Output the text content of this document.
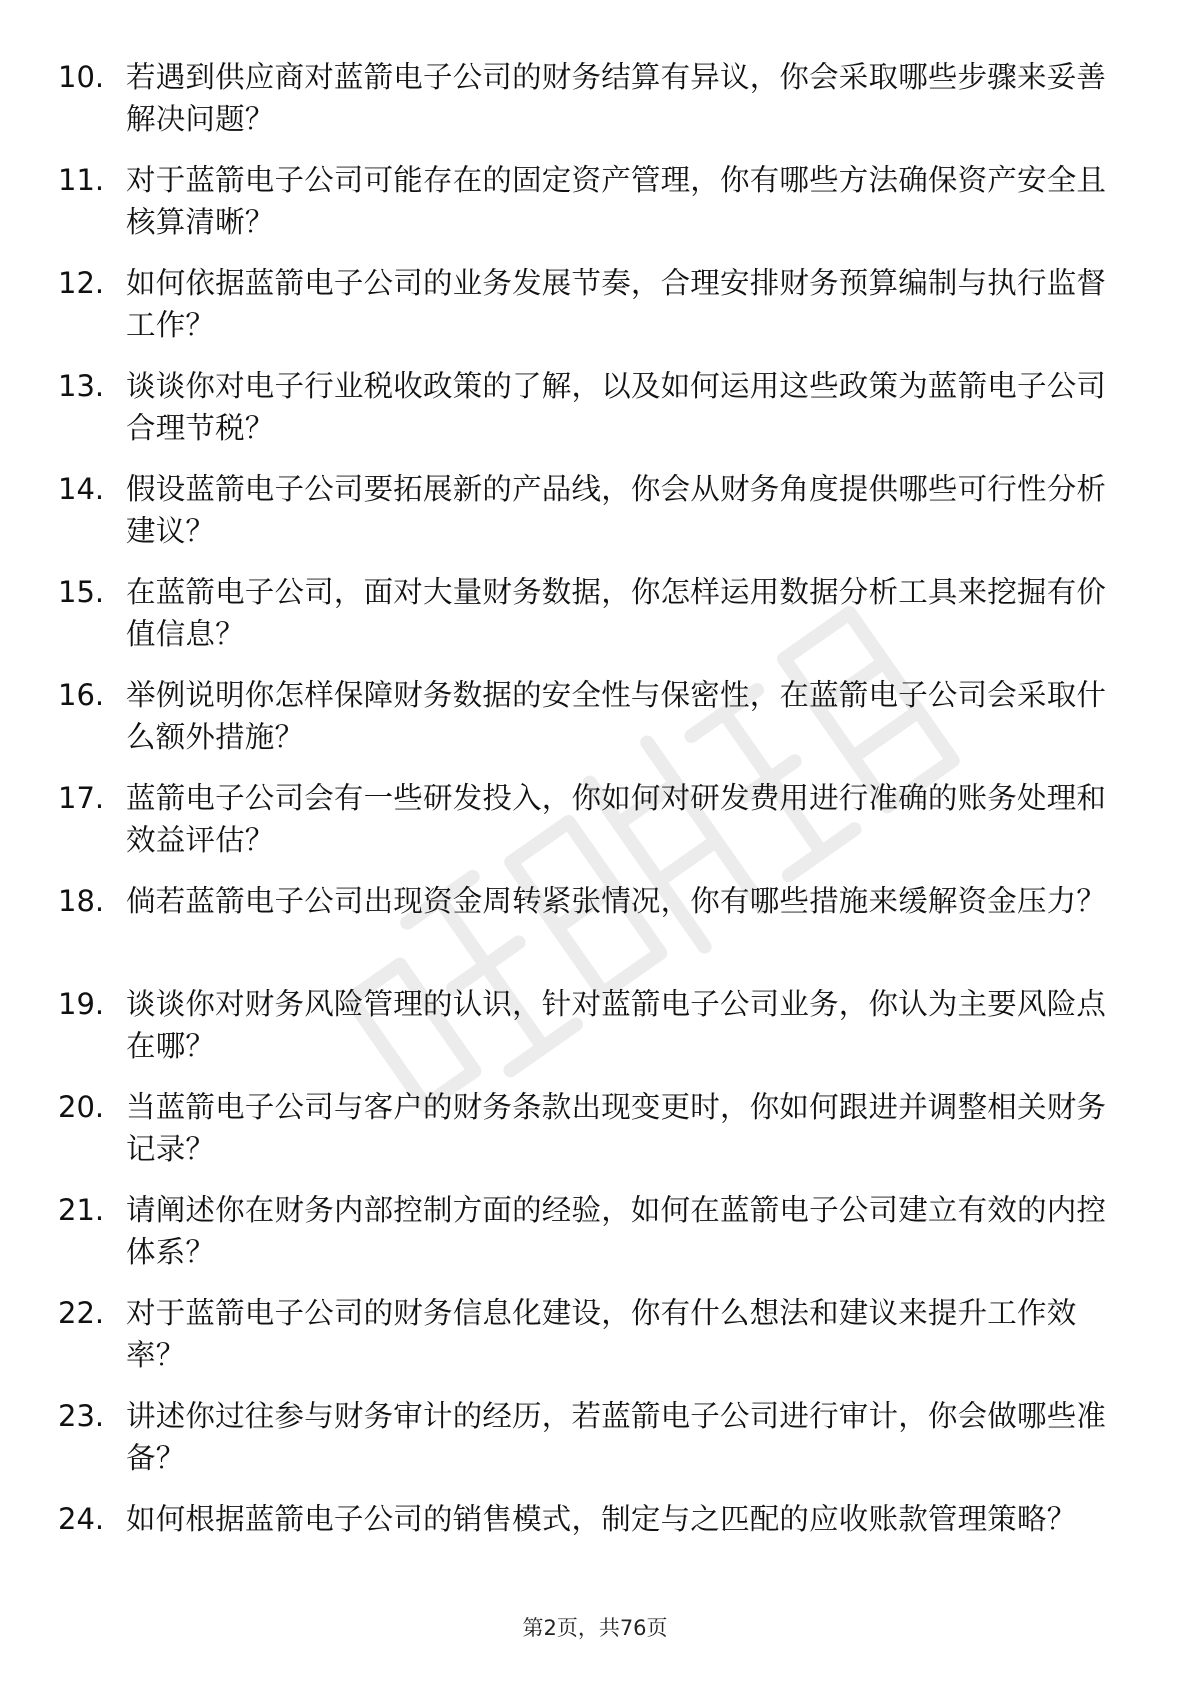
10. 若遇到供应商对蓝箭电子公司的财务结算有异议，你会采取哪些步骤来妥善解决问题？
11. 对于蓝箭电子公司可能存在的固定资产管理，你有哪些方法确保资产安全且核算清晰？
12. 如何依据蓝箭电子公司的业务发展节奏，合理安排财务预算编制与执行监督工作？
13. 谈谈你对电子行业税收政策的了解，以及如何运用这些政策为蓝箭电子公司合理节税？
14. 假设蓝箭电子公司要拓展新的产品线，你会从财务角度提供哪些可行性分析建议？
15. 在蓝箭电子公司，面对大量财务数据，你怎样运用数据分析工具来挖掘有价值信息？
16. 举例说明你怎样保障财务数据的安全性与保密性，在蓝箭电子公司会采取什么额外措施？
17. 蓝箭电子公司会有一些研发投入，你如何对研发费用进行准确的账务处理和效益评估？
18. 倘若蓝箭电子公司出现资金周转紧张情况，你有哪些措施来缓解资金压力？
19. 谈谈你对财务风险管理的认识，针对蓝箭电子公司业务，你认为主要风险点在哪？
20. 当蓝箭电子公司与客户的财务条款出现变更时，你如何跟进并调整相关财务记录？
21. 请阐述你在财务内部控制方面的经验，如何在蓝箭电子公司建立有效的内控体系？
22. 对于蓝箭电子公司的财务信息化建设，你有什么想法和建议来提升工作效率？
23. 讲述你过往参与财务审计的经历，若蓝箭电子公司进行审计，你会做哪些准备？
24. 如何根据蓝箭电子公司的销售模式，制定与之匹配的应收账款管理策略？
第2页，共76页
